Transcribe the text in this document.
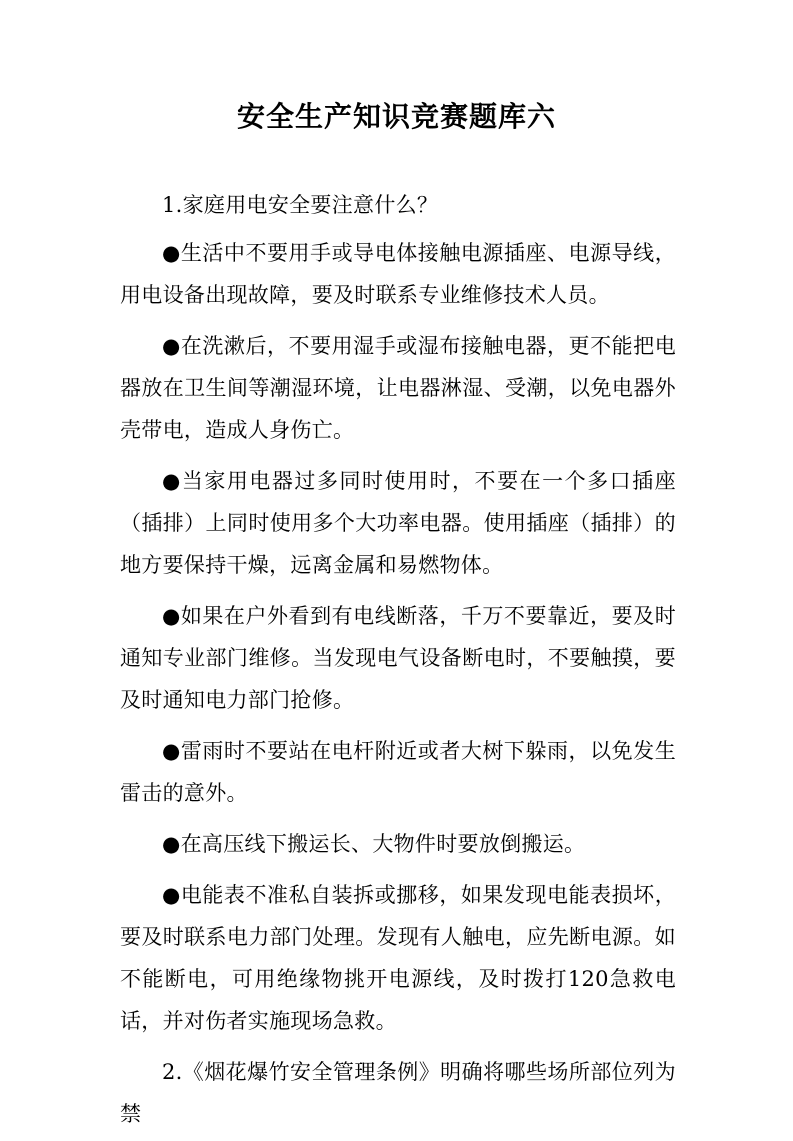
安全生产知识竞赛题库六

1.家庭用电安全要注意什么？

●生活中不要用手或导电体接触电源插座、电源导线，用电设备出现故障，要及时联系专业维修技术人员。

●在洗漱后，不要用湿手或湿布接触电器，更不能把电器放在卫生间等潮湿环境，让电器淋湿、受潮，以免电器外壳带电，造成人身伤亡。

●当家用电器过多同时使用时，不要在一个多口插座（插排）上同时使用多个大功率电器。使用插座（插排）的地方要保持干燥，远离金属和易燃物体。

●如果在户外看到有电线断落，千万不要靠近，要及时通知专业部门维修。当发现电气设备断电时，不要触摸，要及时通知电力部门抢修。

●雷雨时不要站在电杆附近或者大树下躲雨，以免发生雷击的意外。

●在高压线下搬运长、大物件时要放倒搬运。

●电能表不准私自装拆或挪移，如果发现电能表损坏，要及时联系电力部门处理。发现有人触电，应先断电源。如不能断电，可用绝缘物挑开电源线，及时拨打120急救电话，并对伤者实施现场急救。

2.《烟花爆竹安全管理条例》明确将哪些场所部位列为禁
